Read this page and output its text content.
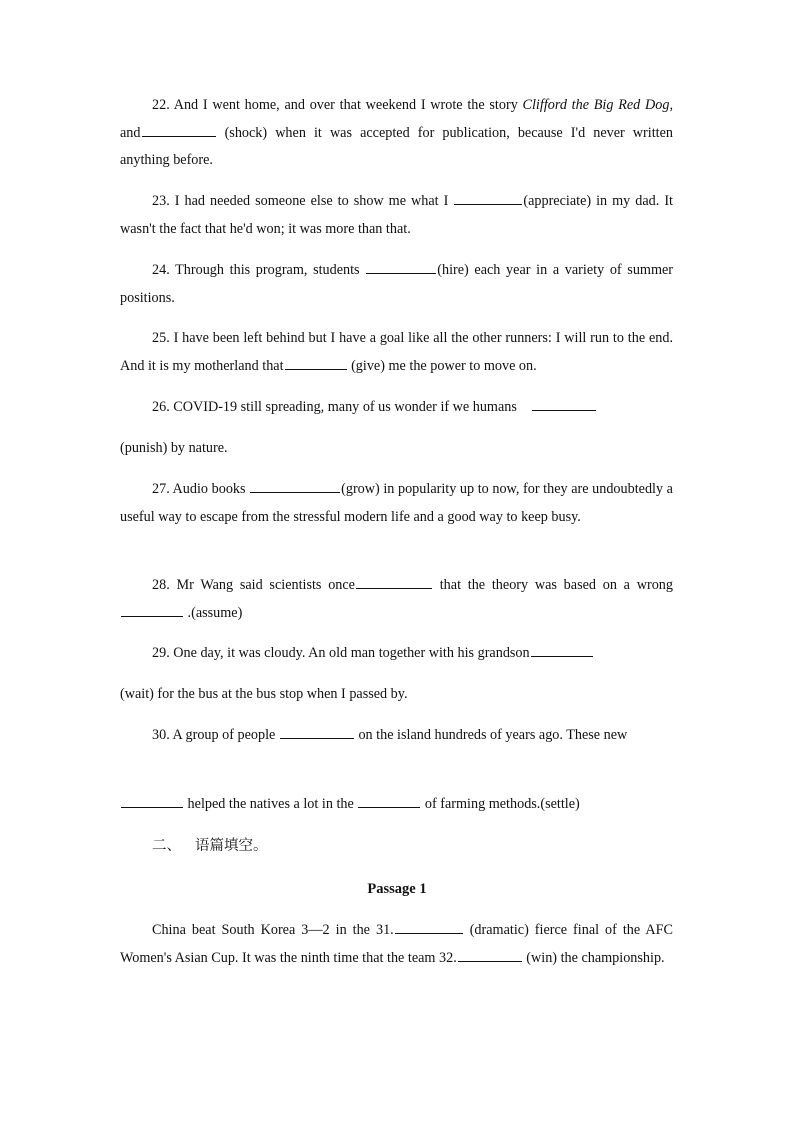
22. And I went home, and over that weekend I wrote the story Clifford the Big Red Dog, and	(shock) when it was accepted for publication, because I'd never written anything before.

23. I had needed someone else to show me what I	(appreciate) in my dad. It wasn't the fact that he'd won; it was more than that.

24. Through this program, students	(hire) each year in a variety of summer positions.

25. I have been left behind but I have a goal like all the other runners: I will run to the end. And it is my motherland that	(give) me the power to move on.

26. COVID-19 still spreading, many of us wonder if we humans

(punish) by nature.

27. Audio books	(grow) in popularity up to now, for they are undoubtedly a useful way to escape from the stressful modern life and a good way to keep busy.

28. Mr Wang said scientists once	that the theory was based on a wrong .(assume)

29. One day, it was cloudy. An old man together with his grandson

(wait) for the bus at the bus stop when I passed by.

30. A group of people	on the island hundreds of years ago. These new

helped the natives a lot in the	of farming methods.(settle)

二、 语篇填空。

Passage 1

China beat South Korea 3—2 in the 31.	(dramatic) fierce final of the AFC Women's Asian Cup. It was the ninth time that the team 32.	(win) the championship.
